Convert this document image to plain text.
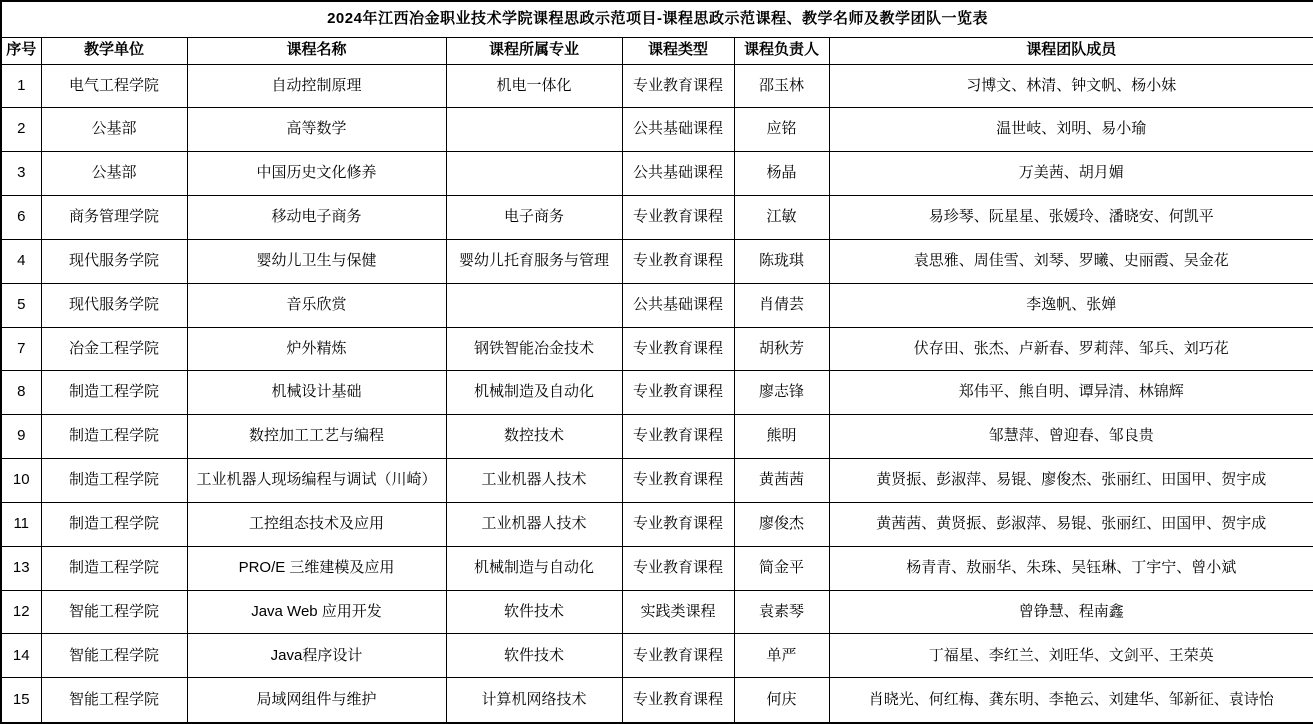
2024年江西冶金职业技术学院课程思政示范项目-课程思政示范课程、教学名师及教学团队一览表						
序号	教学单位	课程名称	课程所属专业	课程类型	课程负责人	课程团队成员
1	电气工程学院	自动控制原理	机电一体化	专业教育课程	邵玉林	习博文、林清、钟文帆、杨小妹
2	公基部	高等数学		公共基础课程	应铭	温世岐、刘明、易小瑜
3	公基部	中国历史文化修养		公共基础课程	杨晶	万美茜、胡月媚
6	商务管理学院	移动电子商务	电子商务	专业教育课程	江敏	易珍琴、阮星星、张媛玲、潘晓安、何凯平
4	现代服务学院	婴幼儿卫生与保健	婴幼儿托育服务与管理	专业教育课程	陈珑琪	袁思雅、周佳雪、刘琴、罗曦、史丽霞、吴金花
5	现代服务学院	音乐欣赏		公共基础课程	肖倩芸	李逸帆、张婵
7	冶金工程学院	炉外精炼	钢铁智能冶金技术	专业教育课程	胡秋芳	伏存田、张杰、卢新春、罗莉萍、邹兵、刘巧花
8	制造工程学院	机械设计基础	机械制造及自动化	专业教育课程	廖志锋	郑伟平、熊自明、谭异清、林锦辉
9	制造工程学院	数控加工工艺与编程	数控技术	专业教育课程	熊明	邹慧萍、曾迎春、邹良贵
10	制造工程学院	工业机器人现场编程与调试（川崎）	工业机器人技术	专业教育课程	黄茜茜	黄贤振、彭淑萍、易锟、廖俊杰、张丽红、田国甲、贺宇成
11	制造工程学院	工控组态技术及应用	工业机器人技术	专业教育课程	廖俊杰	黄茜茜、黄贤振、彭淑萍、易锟、张丽红、田国甲、贺宇成
13	制造工程学院	PRO/E 三维建模及应用	机械制造与自动化	专业教育课程	简金平	杨青青、敖丽华、朱珠、吴钰琳、丁宇宁、曾小斌
12	智能工程学院	Java Web 应用开发	软件技术	实践类课程	袁素琴	曾铮慧、程南鑫
14	智能工程学院	Java程序设计	软件技术	专业教育课程	单严	丁福星、李红兰、刘旺华、文剑平、王荣英
15	智能工程学院	局域网组件与维护	计算机网络技术	专业教育课程	何庆	肖晓光、何红梅、龚东明、李艳云、刘建华、邹新征、袁诗怡
